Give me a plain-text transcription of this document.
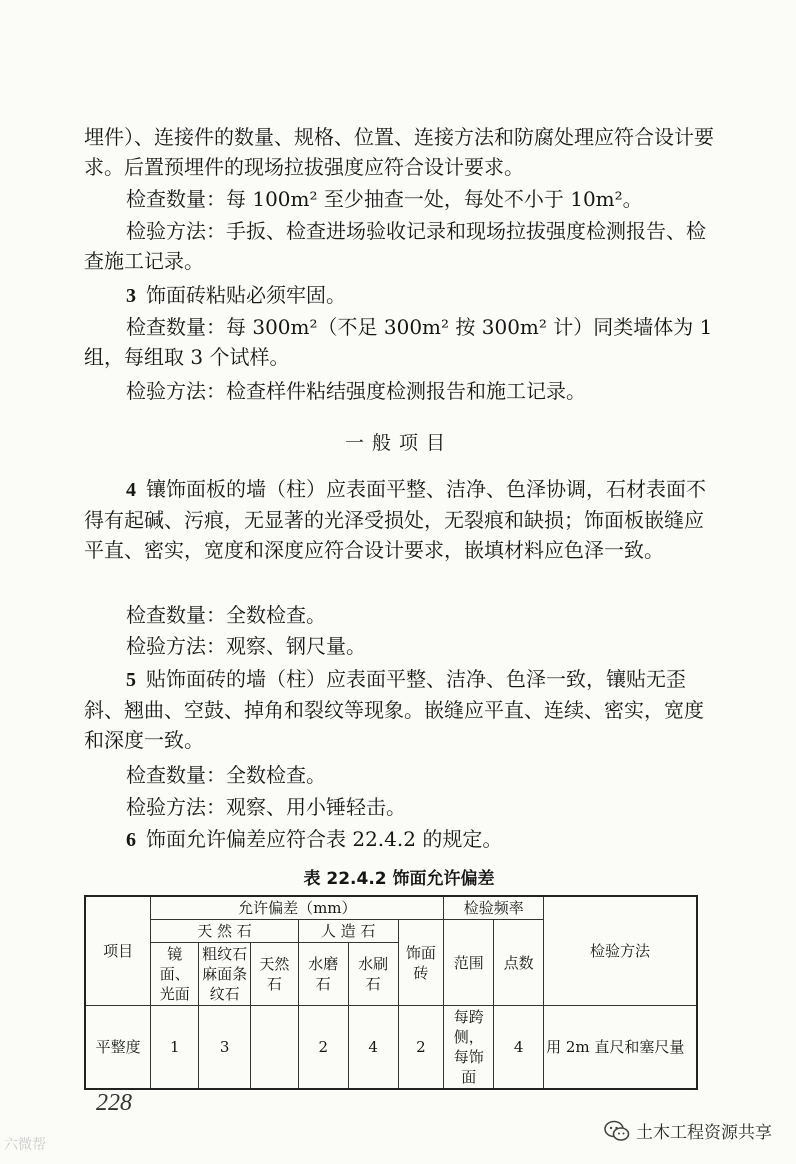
埋件）、连接件的数量、规格、位置、连接方法和防腐处理应符合设计要求。后置预埋件的现场拉拔强度应符合设计要求。

检查数量：每 100m² 至少抽查一处，每处不小于 10m²。

检验方法：手扳、检查进场验收记录和现场拉拔强度检测报告、检查施工记录。

3 饰面砖粘贴必须牢固。

检查数量：每 300m²（不足 300m² 按 300m² 计）同类墙体为 1 组，每组取 3 个试样。

检验方法：检查样件粘结强度检测报告和施工记录。

一般项目

4 镶饰面板的墙（柱）应表面平整、洁净、色泽协调，石材表面不得有起碱、污痕，无显著的光泽受损处，无裂痕和缺损；饰面板嵌缝应平直、密实，宽度和深度应符合设计要求，嵌填材料应色泽一致。

检查数量：全数检查。

检验方法：观察、钢尺量。

5 贴饰面砖的墙（柱）应表面平整、洁净、色泽一致，镶贴无歪斜、翘曲、空鼓、掉角和裂纹等现象。嵌缝应平直、连续、密实，宽度和深度一致。

检查数量：全数检查。

检验方法：观察、用小锤轻击。

6 饰面允许偏差应符合表 22.4.2 的规定。

表 22.4.2 饰面允许偏差
项目	允许偏差（mm）						检验频率		检验方法
	天 然 石			人 造 石		饰面砖	范围	点数	
	镜面、光面	粗纹石麻面条纹石	天然石	水磨石	水刷石				
平整度	1	3		2	4	2	每跨侧，每饰面	4	用 2m 直尺和塞尺量
228
土木工程资源共享
六微帮
